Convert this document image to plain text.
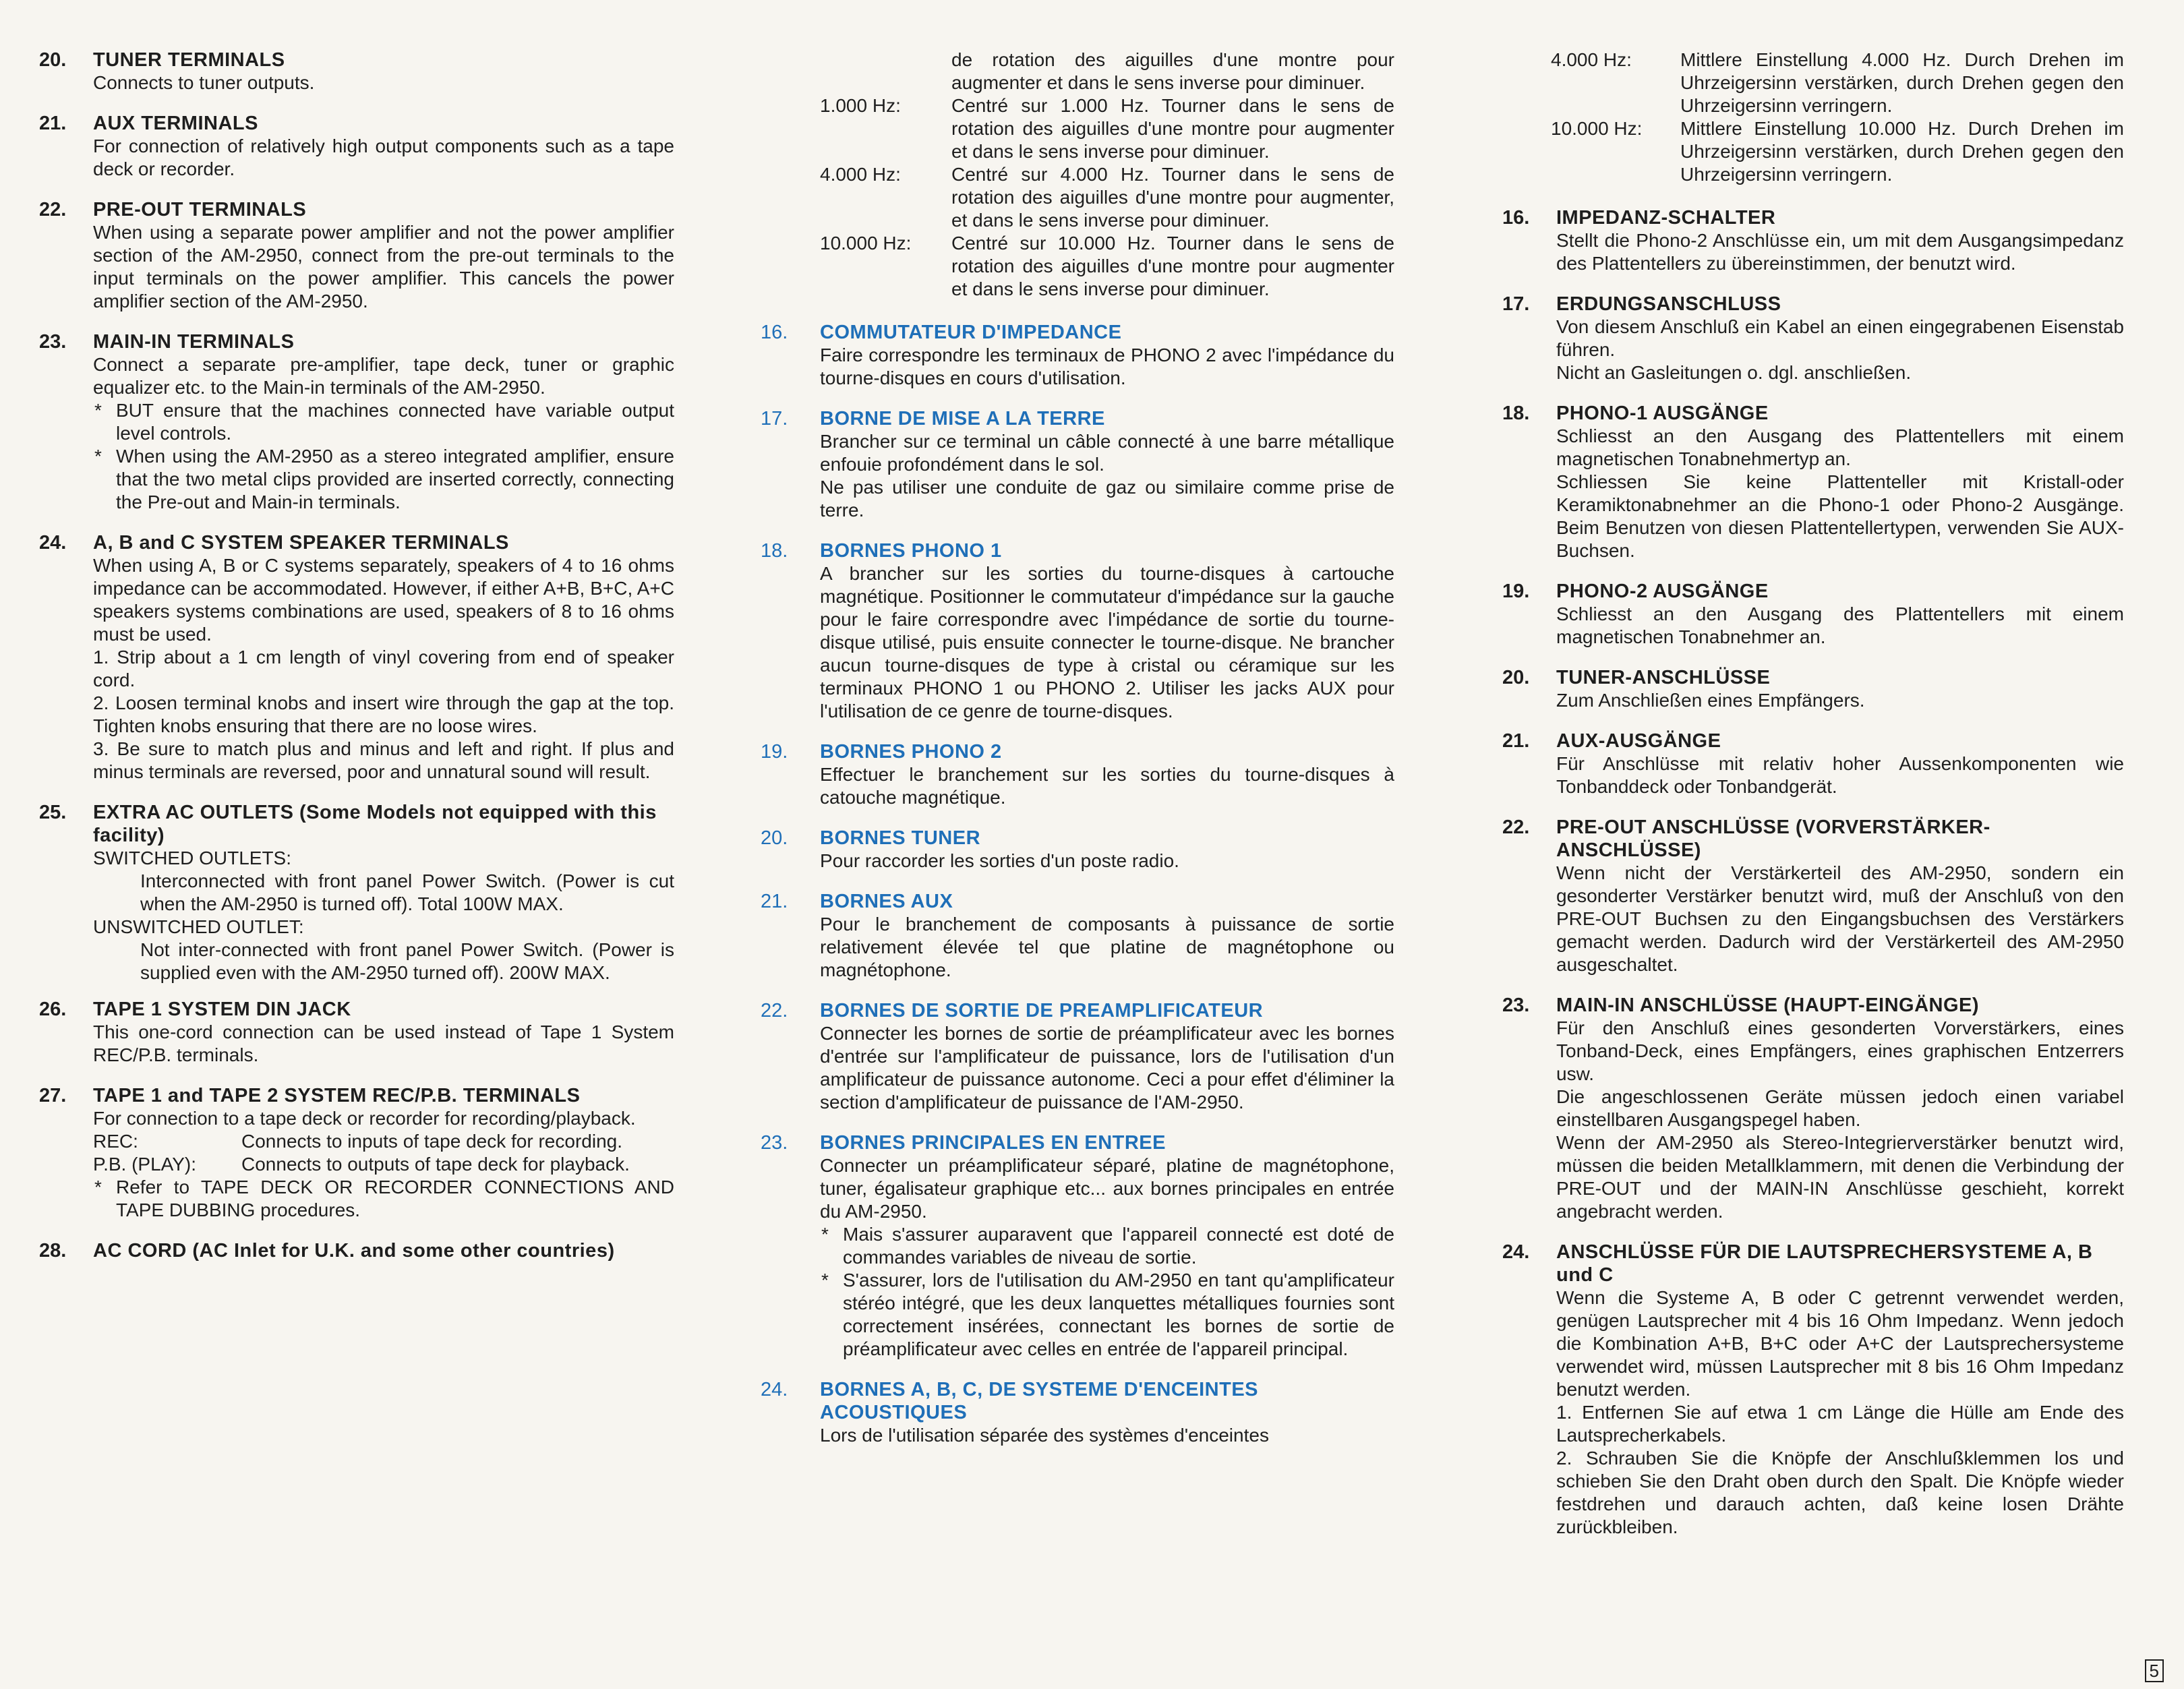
20. TUNER TERMINALS
Connects to tuner outputs.
21. AUX TERMINALS
For connection of relatively high output components such as a tape deck or recorder.
22. PRE-OUT TERMINALS
When using a separate power amplifier and not the power amplifier section of the AM-2950, connect from the pre-out terminals to the input terminals on the power amplifier. This cancels the power amplifier section of the AM-2950.
23. MAIN-IN TERMINALS

Connect a separate pre-amplifier, tape deck, tuner or graphic equalizer etc. to the Main-in terminals of the AM-2950.

* BUT ensure that the machines connected have variable output level controls.
* When using the AM-2950 as a stereo integrated amplifier, ensure that the two metal clips provided are inserted correctly, connecting the Pre-out and Main-in terminals.
24. A, B and C SYSTEM SPEAKER TERMINALS

When using A, B or C systems separately, speakers of 4 to 16 ohms impedance can be accommodated. However, if either A+B, B+C, A+C speakers systems combinations are used, speakers of 8 to 16 ohms must be used.

1. Strip about a 1 cm length of vinyl covering from end of speaker cord.

2. Loosen terminal knobs and insert wire through the gap at the top. Tighten knobs ensuring that there are no loose wires.

3. Be sure to match plus and minus and left and right. If plus and minus terminals are reversed, poor and unnatural sound will result.

25. EXTRA AC OUTLETS (Some Models not equipped with this facility)

SWITCHED OUTLETS:

Interconnected with front panel Power Switch. (Power is cut when the AM-2950 is turned off). Total 100W MAX.

UNSWITCHED OUTLET:

Not inter-connected with front panel Power Switch. (Power is supplied even with the AM-2950 turned off). 200W MAX.

26. TAPE 1 SYSTEM DIN JACK
This one-cord connection can be used instead of Tape 1 System REC/P.B. terminals.
27. TAPE 1 and TAPE 2 SYSTEM REC/P.B. TERMINALS

For connection to a tape deck or recorder for recording/playback.

REC:	Connects to inputs of tape deck for recording.
P.B. (PLAY): Connects to outputs of tape deck for playback.
* Refer to TAPE DECK OR RECORDER CONNECTIONS AND TAPE DUBBING procedures.
28. AC CORD (AC Inlet for U.K. and some other countries)
de rotation des aiguilles d'une montre pour augmenter et dans le sens inverse pour diminuer.
1.000 Hz:	Centré sur 1.000 Hz. Tourner dans le sens de rotation des aiguilles d'une montre pour augmenter et dans le sens inverse pour diminuer.
4.000 Hz:	Centré sur 4.000 Hz. Tourner dans le sens de rotation des aiguilles d'une montre pour augmenter, et dans le sens inverse pour diminuer.
10.000 Hz: Centré sur 10.000 Hz. Tourner dans le sens de rotation des aiguilles d'une montre pour augmenter et dans le sens inverse pour diminuer.
16. COMMUTATEUR D'IMPEDANCE
Faire correspondre les terminaux de PHONO 2 avec l'impédance du tourne-disques en cours d'utilisation.
17. BORNE DE MISE A LA TERRE

Brancher sur ce terminal un câble connecté à une barre métallique enfouie profondément dans le sol.

Ne pas utiliser une conduite de gaz ou similaire comme prise de terre.

18. BORNES PHONO 1
A brancher sur les sorties du tourne-disques à cartouche magnétique. Positionner le commutateur d'impédance sur la gauche pour le faire correspondre avec l'impédance de sortie du tourne-disque utilisé, puis ensuite connecter le tourne-disque. Ne brancher aucun tourne-disques de type à cristal ou céramique sur les terminaux PHONO 1 ou PHONO 2. Utiliser les jacks AUX pour l'utilisation de ce genre de tourne-disques.
19. BORNES PHONO 2
Effectuer le branchement sur les sorties du tourne-disques à catouche magnétique.
20. BORNES TUNER
Pour raccorder les sorties d'un poste radio.
21. BORNES AUX
Pour le branchement de composants à puissance de sortie relativement élevée tel que platine de magnétophone ou magnétophone.
22. BORNES DE SORTIE DE PREAMPLIFICATEUR
Connecter les bornes de sortie de préamplificateur avec les bornes d'entrée sur l'amplificateur de puissance, lors de l'utilisation d'un amplificateur de puissance autonome. Ceci a pour effet d'éliminer la section d'amplificateur de puissance de l'AM-2950.
23. BORNES PRINCIPALES EN ENTREE

Connecter un préamplificateur séparé, platine de magnétophone, tuner, égalisateur graphique etc... aux bornes principales en entrée du AM-2950.

* Mais s'assurer auparavent que l'appareil connecté est doté de commandes variables de niveau de sortie.
* S'assurer, lors de l'utilisation du AM-2950 en tant qu'amplificateur stéréo intégré, que les deux lanquettes métalliques fournies sont correctement insérées, connectant les bornes de sortie de préamplificateur avec celles en entrée de l'appareil principal.
24. BORNES A, B, C, DE SYSTEME D'ENCEINTES ACOUSTIQUES
Lors de l'utilisation séparée des systèmes d'enceintes
4.000 Hz:	Mittlere Einstellung 4.000 Hz. Durch Drehen im Uhrzeigersinn verstärken, durch Drehen gegen den Uhrzeigersinn verringern.
10.000 Hz: Mittlere Einstellung 10.000 Hz. Durch Drehen im Uhrzeigersinn verstärken, durch Drehen gegen den Uhrzeigersinn verringern.
16. IMPEDANZ-SCHALTER
Stellt die Phono-2 Anschlüsse ein, um mit dem Ausgangsimpedanz des Plattentellers zu übereinstimmen, der benutzt wird.
17. ERDUNGSANSCHLUSS

Von diesem Anschluß ein Kabel an einen eingegrabenen Eisenstab führen.

Nicht an Gasleitungen o. dgl. anschließen.

18. PHONO-1 AUSGÄNGE

Schliesst an den Ausgang des Plattentellers mit einem magnetischen Tonabnehmertyp an.

Schliessen Sie keine Plattenteller mit Kristall-oder Keramiktonabnehmer an die Phono-1 oder Phono-2 Ausgänge. Beim Benutzen von diesen Plattentellertypen, verwenden Sie AUX-Buchsen.

19. PHONO-2 AUSGÄNGE
Schliesst an den Ausgang des Plattentellers mit einem magnetischen Tonabnehmer an.
20. TUNER-ANSCHLÜSSE
Zum Anschließen eines Empfängers.
21. AUX-AUSGÄNGE
Für Anschlüsse mit relativ hoher Aussenkomponenten wie Tonbanddeck oder Tonbandgerät.
22. PRE-OUT ANSCHLÜSSE (VORVERSTÄRKER-ANSCHLÜSSE)
Wenn nicht der Verstärkerteil des AM-2950, sondern ein gesonderter Verstärker benutzt wird, muß der Anschluß von den PRE-OUT Buchsen zu den Eingangsbuchsen des Verstärkers gemacht werden. Dadurch wird der Verstärkerteil des AM-2950 ausgeschaltet.
23. MAIN-IN ANSCHLÜSSE (HAUPT-EINGÄNGE)

Für den Anschluß eines gesonderten Vorverstärkers, eines Tonband-Deck, eines Empfängers, eines graphischen Entzerrers usw.

Die angeschlossenen Geräte müssen jedoch einen variabel einstellbaren Ausgangspegel haben.

Wenn der AM-2950 als Stereo-Integrierverstärker benutzt wird, müssen die beiden Metallklammern, mit denen die Verbindung der PRE-OUT und der MAIN-IN Anschlüsse geschieht, korrekt angebracht werden.

24. ANSCHLÜSSE FÜR DIE LAUTSPRECHERSYSTEME A, B und C

Wenn die Systeme A, B oder C getrennt verwendet werden, genügen Lautsprecher mit 4 bis 16 Ohm Impedanz. Wenn jedoch die Kombination A+B, B+C oder A+C der Lautsprechersysteme verwendet wird, müssen Lautsprecher mit 8 bis 16 Ohm Impedanz benutzt werden.

1. Entfernen Sie auf etwa 1 cm Länge die Hülle am Ende des Lautsprecherkabels.

2. Schrauben Sie die Knöpfe der Anschlußklemmen los und schieben Sie den Draht oben durch den Spalt. Die Knöpfe wieder festdrehen und darauch achten, daß keine losen Drähte zurückbleiben.

5
